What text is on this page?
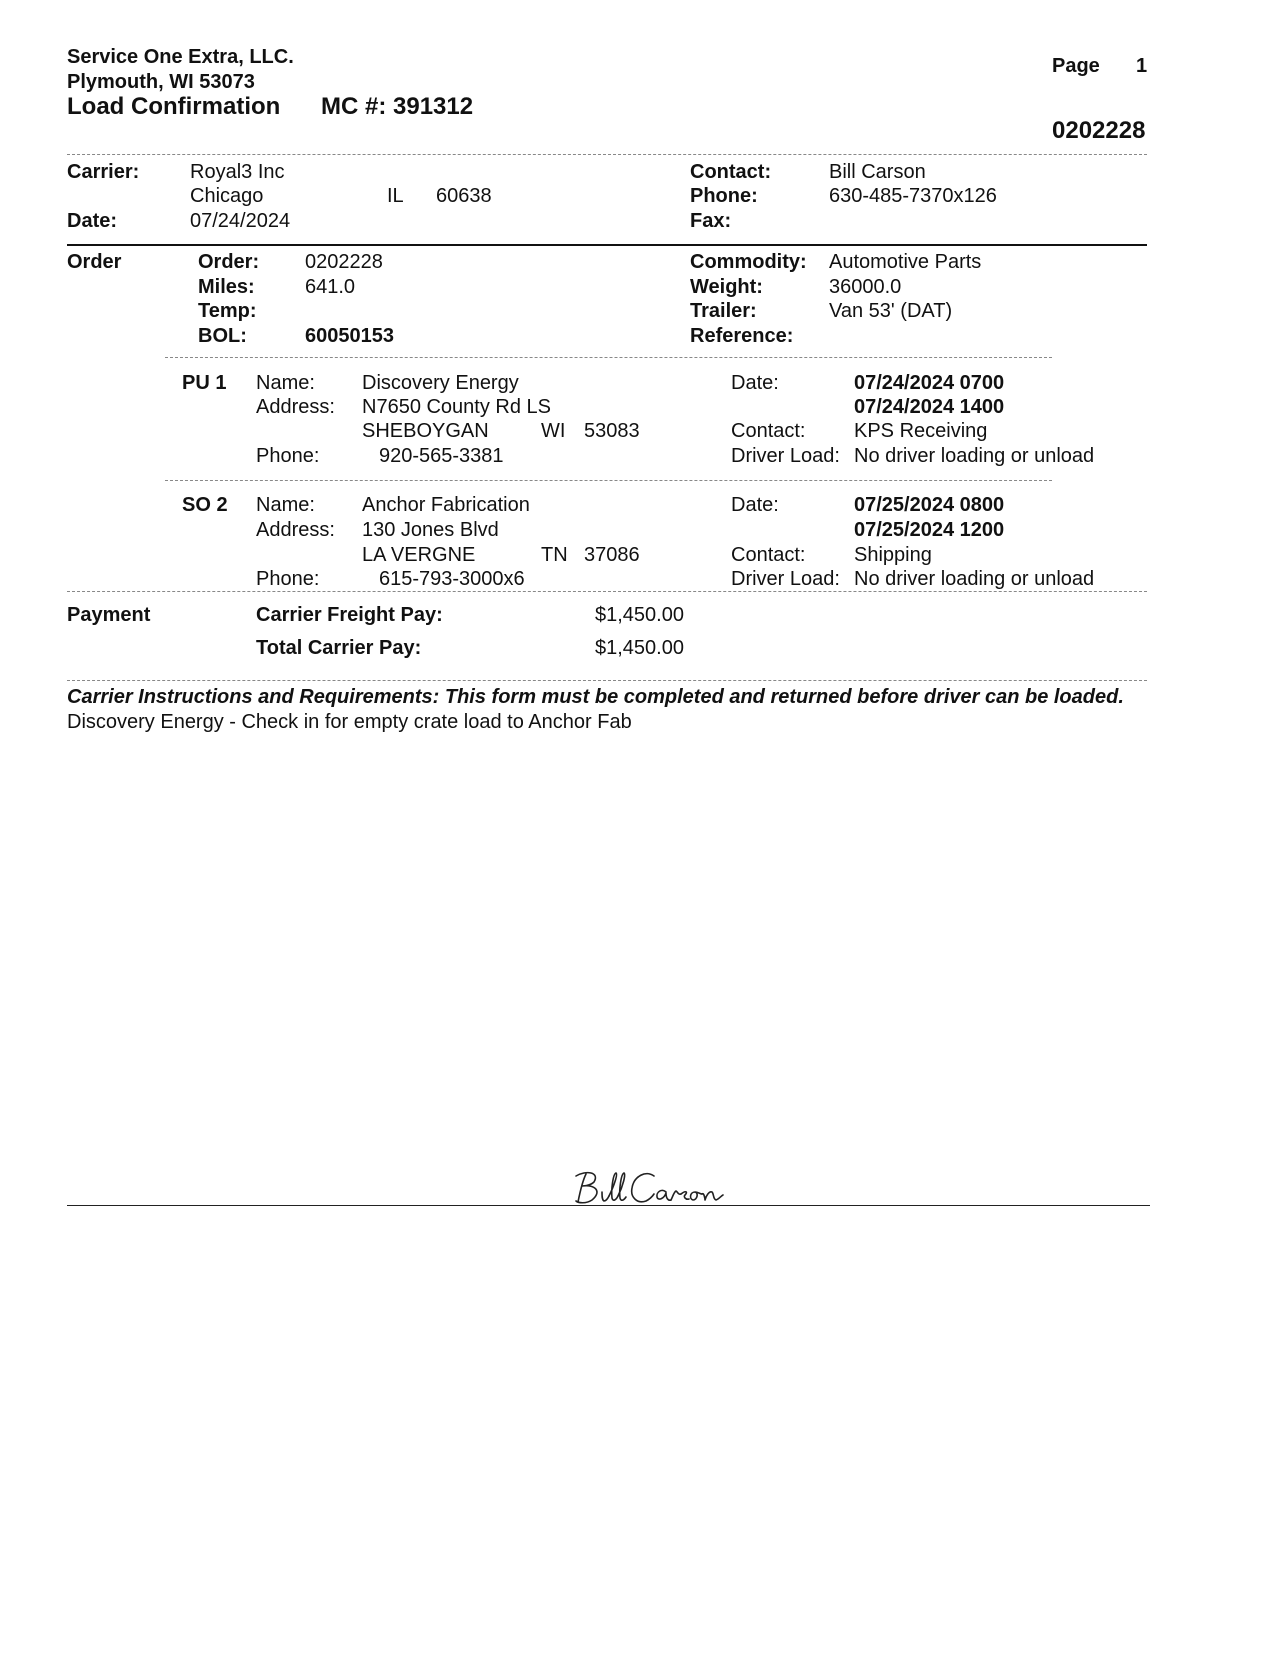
Service One Extra, LLC.
Plymouth, WI 53073
Load Confirmation MC #: 391312
Page 1
0202228
Carrier:	Royal3 Inc
Chicago	IL 60638
Date:	07/24/2024
Contact:	Bill Carson
Phone:	630-485-7370x126
Fax:
Order	Order: 0202228
Miles:	641.0
Temp:
BOL:	60050153
Commodity: Automotive Parts
Weight:	36000.0
Trailer:	Van 53' (DAT)
Reference:
PU 1 Name: Discovery Energy
Address: N7650 County Rd LS
SHEBOYGAN	WI 53083
Phone:	920-565-3381
Date:	07/24/2024 0700
07/24/2024 1400
Contact: KPS Receiving
Driver Load: No driver loading or unload
SO 2 Name: Anchor Fabrication
Address: 130 Jones Blvd
LA VERGNE	TN 37086
Phone:	615-793-3000x6
Date:	07/25/2024 0800
07/25/2024 1200
Contact: Shipping
Driver Load: No driver loading or unload
Payment	Carrier Freight Pay:	$1,450.00
Total Carrier Pay:	$1,450.00
Carrier Instructions and Requirements: This form must be completed and returned before driver can be loaded.
Discovery Energy - Check in for empty crate load to Anchor Fab
